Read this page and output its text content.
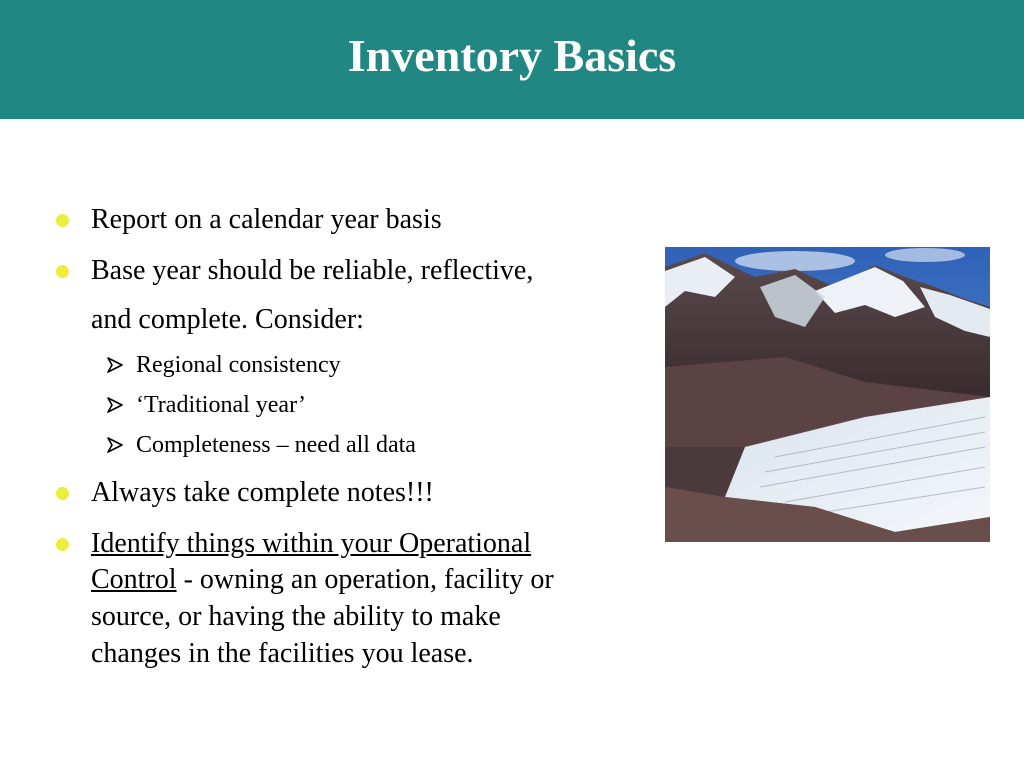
Inventory Basics
Report on a calendar year basis
Base year should be reliable, reflective,
and complete. Consider:
Regional consistency
‘Traditional year’
Completeness – need all data
Always take complete notes!!!
Identify things within your Operational
Control - owning an operation, facility or
source, or having the ability to make
changes in the facilities you lease.
